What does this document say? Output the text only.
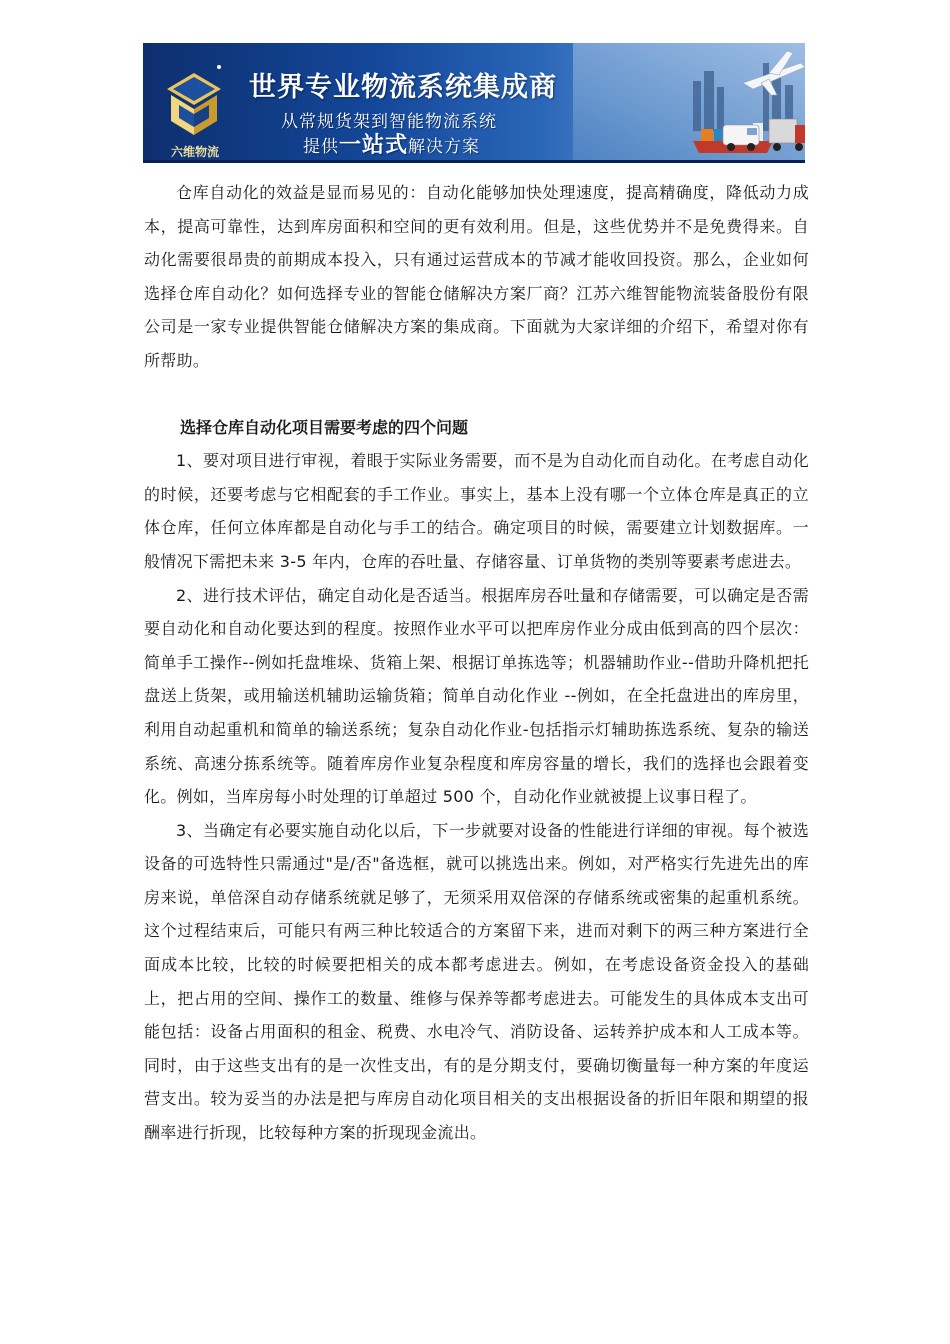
六维物流
世界专业物流系统集成商
从常规货架到智能物流系统
提供一站式解决方案

仓库自动化的效益是显而易见的：自动化能够加快处理速度，提高精确度，降低动力成本，提高可靠性，达到库房面积和空间的更有效利用。但是，这些优势并不是免费得来。自动化需要很昂贵的前期成本投入，只有通过运营成本的节减才能收回投资。那么，企业如何选择仓库自动化？如何选择专业的智能仓储解决方案厂商？江苏六维智能物流装备股份有限公司是一家专业提供智能仓储解决方案的集成商。下面就为大家详细的介绍下，希望对你有所帮助。

选择仓库自动化项目需要考虑的四个问题

1、要对项目进行审视，着眼于实际业务需要，而不是为自动化而自动化。在考虑自动化的时候，还要考虑与它相配套的手工作业。事实上，基本上没有哪一个立体仓库是真正的立体仓库，任何立体库都是自动化与手工的结合。确定项目的时候，需要建立计划数据库。一般情况下需把未来 3-5 年内，仓库的吞吐量、存储容量、订单货物的类别等要素考虑进去。

2、进行技术评估，确定自动化是否适当。根据库房吞吐量和存储需要，可以确定是否需要自动化和自动化要达到的程度。按照作业水平可以把库房作业分成由低到高的四个层次：简单手工操作--例如托盘堆垛、货箱上架、根据订单拣选等；机器辅助作业--借助升降机把托盘送上货架，或用输送机辅助运输货箱；简单自动化作业 --例如，在全托盘进出的库房里，利用自动起重机和简单的输送系统；复杂自动化作业-包括指示灯辅助拣选系统、复杂的输送系统、高速分拣系统等。随着库房作业复杂程度和库房容量的增长，我们的选择也会跟着变化。例如，当库房每小时处理的订单超过 500 个，自动化作业就被提上议事日程了。

3、当确定有必要实施自动化以后，下一步就要对设备的性能进行详细的审视。每个被选设备的可选特性只需通过"是/否"备选框，就可以挑选出来。例如，对严格实行先进先出的库房来说，单倍深自动存储系统就足够了，无须采用双倍深的存储系统或密集的起重机系统。这个过程结束后，可能只有两三种比较适合的方案留下来，进而对剩下的两三种方案进行全面成本比较，比较的时候要把相关的成本都考虑进去。例如，在考虑设备资金投入的基础上，把占用的空间、操作工的数量、维修与保养等都考虑进去。可能发生的具体成本支出可能包括：设备占用面积的租金、税费、水电冷气、消防设备、运转养护成本和人工成本等。同时，由于这些支出有的是一次性支出，有的是分期支付，要确切衡量每一种方案的年度运营支出。较为妥当的办法是把与库房自动化项目相关的支出根据设备的折旧年限和期望的报酬率进行折现，比较每种方案的折现现金流出。
